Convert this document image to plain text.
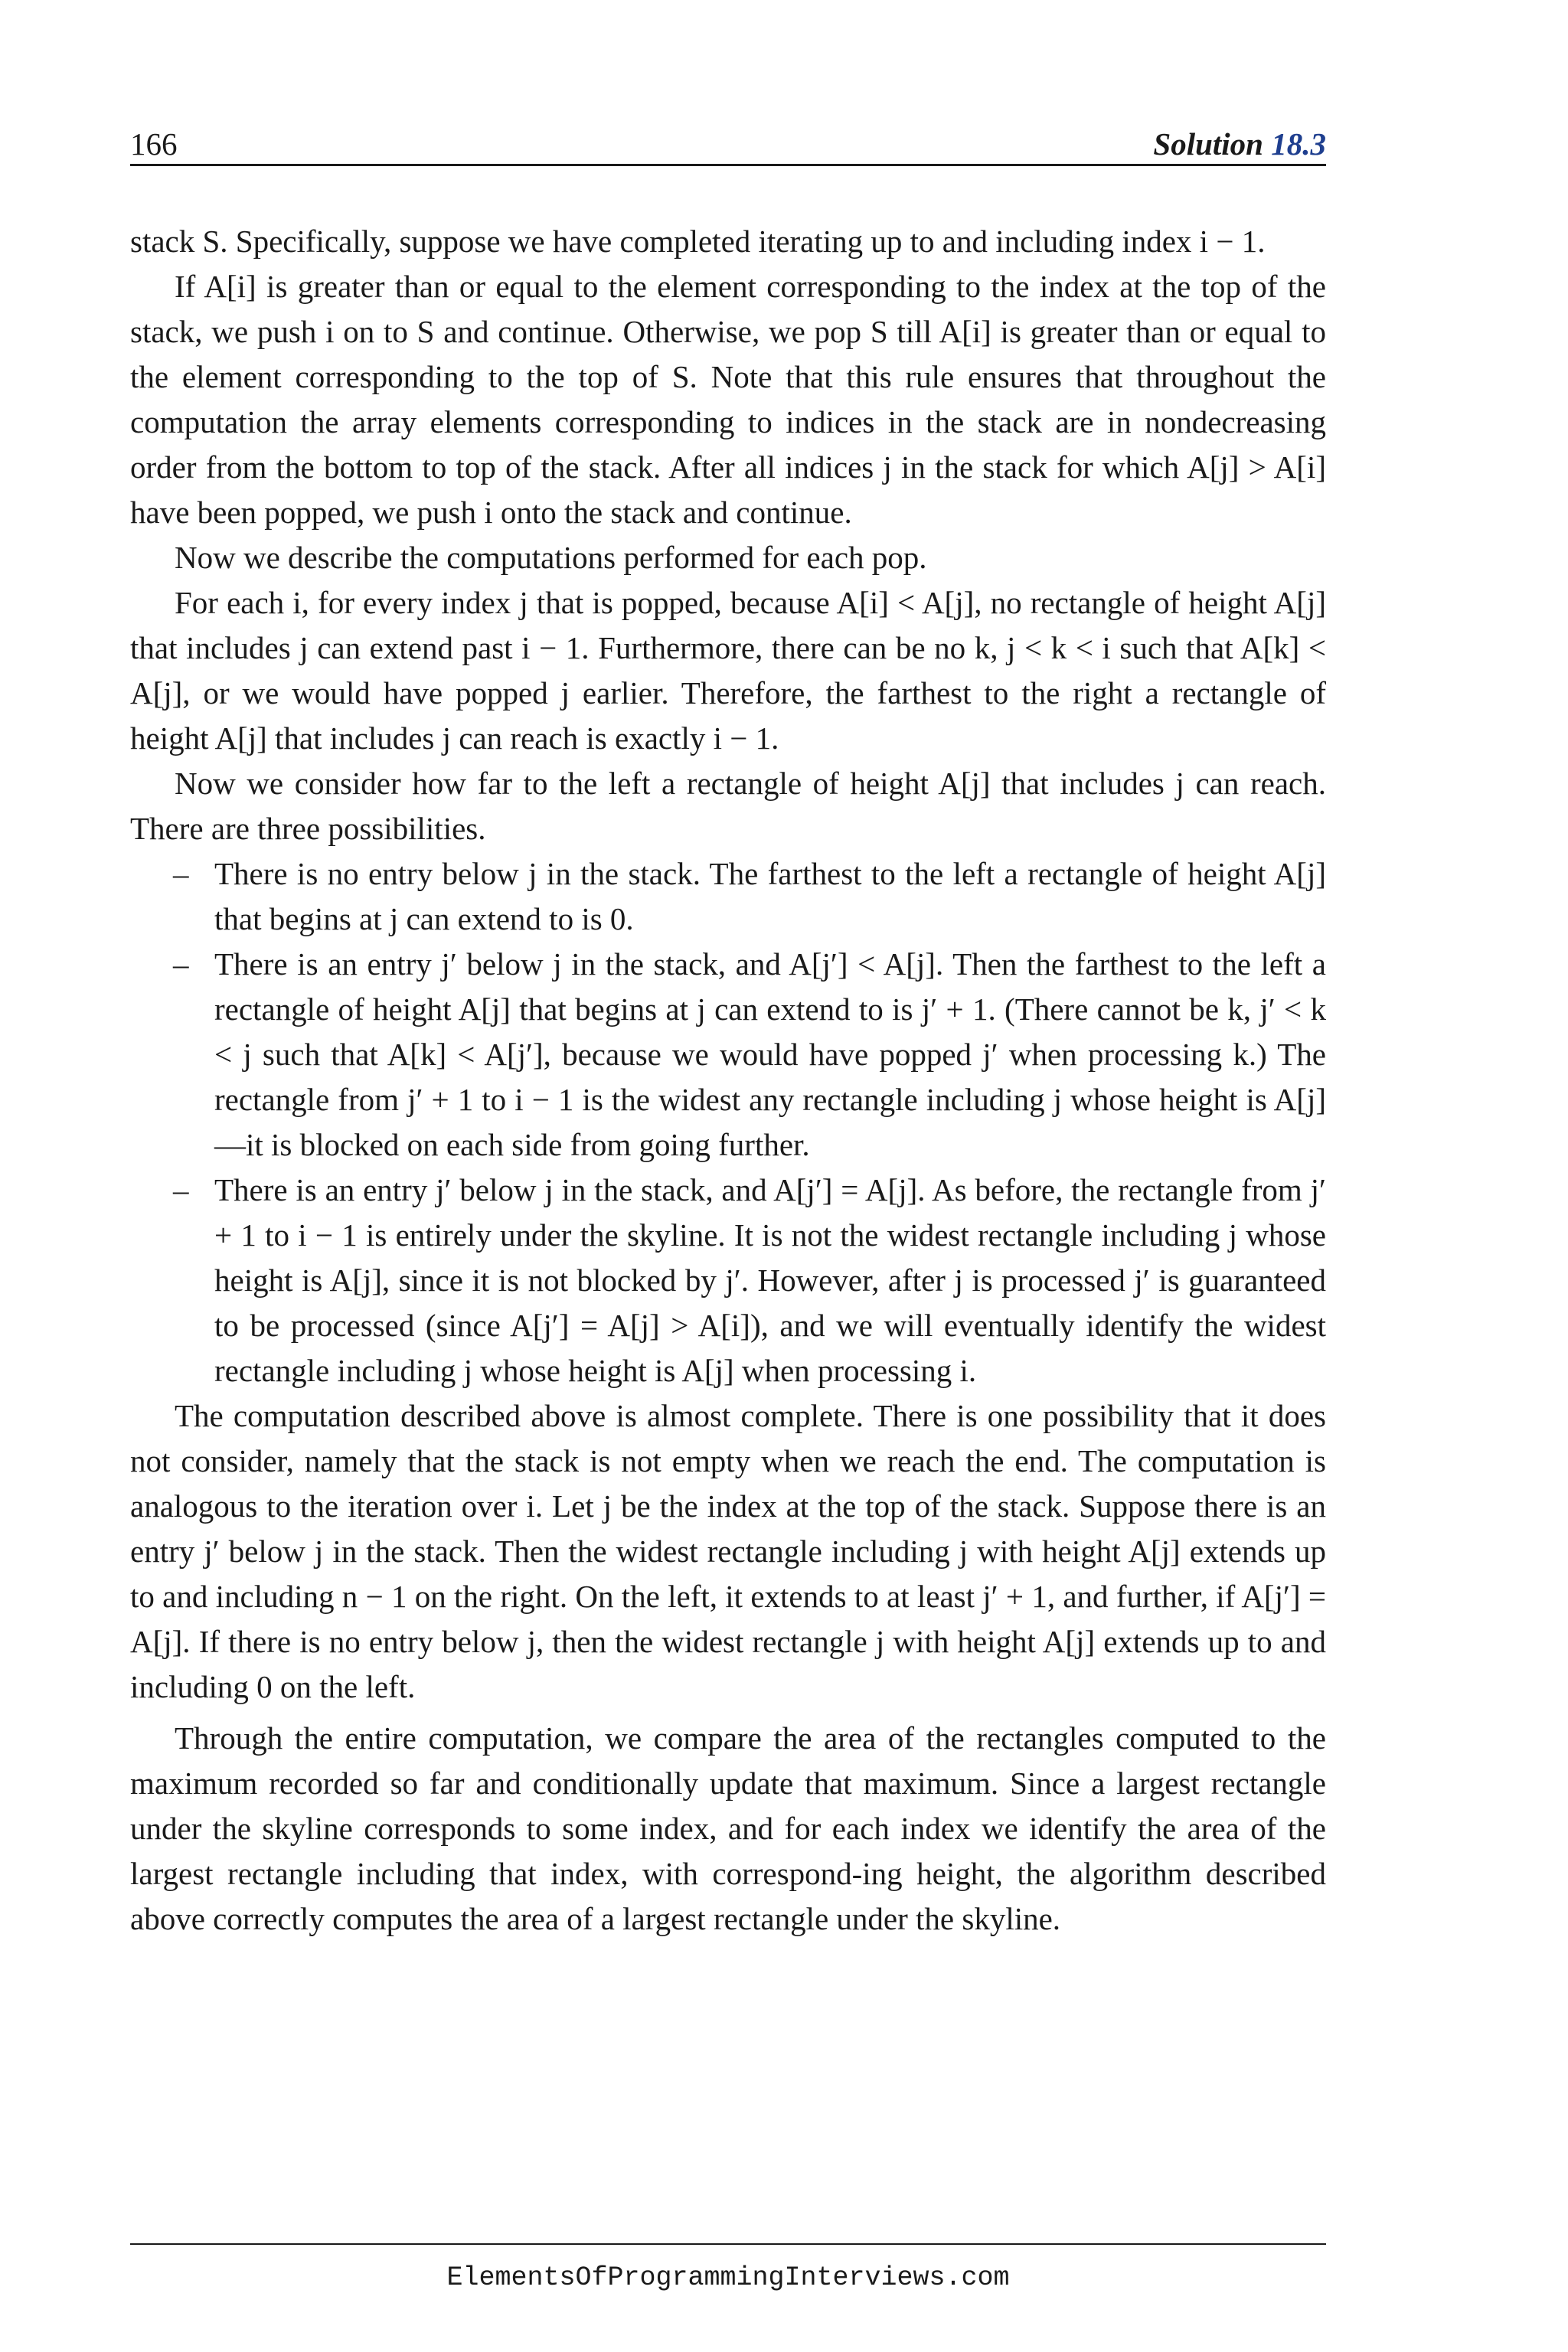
166	Solution 18.3

stack S. Specifically, suppose we have completed iterating up to and including index i − 1.

If A[i] is greater than or equal to the element corresponding to the index at the top of the stack, we push i on to S and continue. Otherwise, we pop S till A[i] is greater than or equal to the element corresponding to the top of S. Note that this rule ensures that throughout the computation the array elements corresponding to indices in the stack are in nondecreasing order from the bottom to top of the stack. After all indices j in the stack for which A[j] > A[i] have been popped, we push i onto the stack and continue.

Now we describe the computations performed for each pop.

For each i, for every index j that is popped, because A[i] < A[j], no rectangle of height A[j] that includes j can extend past i − 1. Furthermore, there can be no k, j < k < i such that A[k] < A[j], or we would have popped j earlier. Therefore, the farthest to the right a rectangle of height A[j] that includes j can reach is exactly i − 1.

Now we consider how far to the left a rectangle of height A[j] that includes j can reach. There are three possibilities.

– There is no entry below j in the stack. The farthest to the left a rectangle of height A[j] that begins at j can extend to is 0.
– There is an entry j′ below j in the stack, and A[j′] < A[j]. Then the farthest to the left a rectangle of height A[j] that begins at j can extend to is j′ + 1. (There cannot be k, j′ < k < j such that A[k] < A[j′], because we would have popped j′ when processing k.) The rectangle from j′ + 1 to i − 1 is the widest any rectangle including j whose height is A[j]—it is blocked on each side from going further.
– There is an entry j′ below j in the stack, and A[j′] = A[j]. As before, the rectangle from j′ + 1 to i − 1 is entirely under the skyline. It is not the widest rectangle including j whose height is A[j], since it is not blocked by j′. However, after j is processed j′ is guaranteed to be processed (since A[j′] = A[j] > A[i]), and we will eventually identify the widest rectangle including j whose height is A[j] when processing i.

The computation described above is almost complete. There is one possibility that it does not consider, namely that the stack is not empty when we reach the end. The computation is analogous to the iteration over i. Let j be the index at the top of the stack. Suppose there is an entry j′ below j in the stack. Then the widest rectangle including j with height A[j] extends up to and including n − 1 on the right. On the left, it extends to at least j′ + 1, and further, if A[j′] = A[j]. If there is no entry below j, then the widest rectangle j with height A[j] extends up to and including 0 on the left.

Through the entire computation, we compare the area of the rectangles computed to the maximum recorded so far and conditionally update that maximum. Since a largest rectangle under the skyline corresponds to some index, and for each index we identify the area of the largest rectangle including that index, with correspond-ing height, the algorithm described above correctly computes the area of a largest rectangle under the skyline.

ElementsOfProgrammingInterviews.com
